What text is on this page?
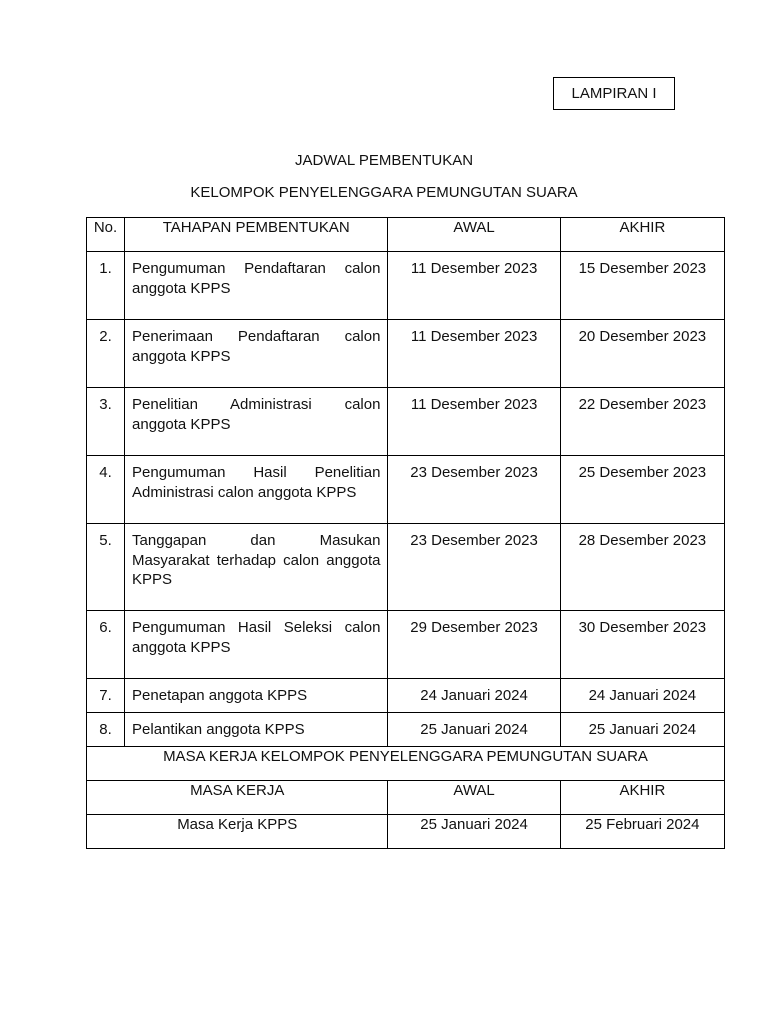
LAMPIRAN I
JADWAL PEMBENTUKAN
KELOMPOK PENYELENGGARA PEMUNGUTAN SUARA
No.	TAHAPAN PEMBENTUKAN	AWAL	AKHIR
1.	Pengumuman Pendaftaran calon anggota KPPS	11 Desember 2023	15 Desember 2023
2.	Penerimaan Pendaftaran calon anggota KPPS	11 Desember 2023	20 Desember 2023
3.	Penelitian Administrasi calon anggota KPPS	11 Desember 2023	22 Desember 2023
4.	Pengumuman Hasil Penelitian Administrasi calon anggota KPPS	23 Desember 2023	25 Desember 2023
5.	Tanggapan dan Masukan Masyarakat terhadap calon anggota KPPS	23 Desember 2023	28 Desember 2023
6.	Pengumuman Hasil Seleksi calon anggota KPPS	29 Desember 2023	30 Desember 2023
7.	Penetapan anggota KPPS	24 Januari 2024	24 Januari 2024
8.	Pelantikan anggota KPPS	25 Januari 2024	25 Januari 2024
MASA KERJA KELOMPOK PENYELENGGARA PEMUNGUTAN SUARA			
MASA KERJA		AWAL	AKHIR
Masa Kerja KPPS		25 Januari 2024	25 Februari 2024
